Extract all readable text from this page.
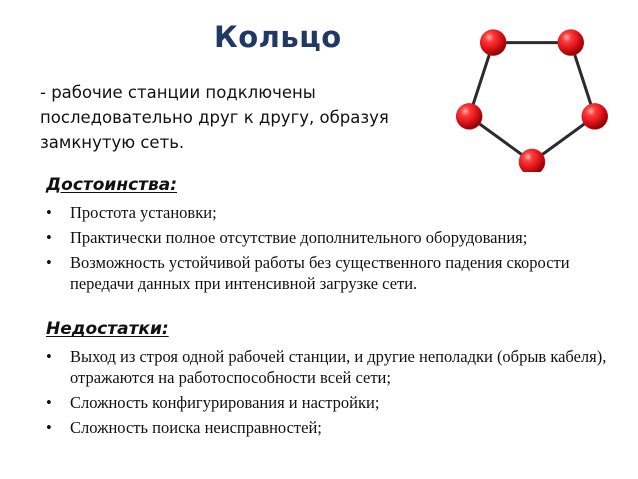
Кольцо
- рабочие станции подключены последовательно друг к другу, образуя замкнутую сеть.
Достоинства:
• Простота установки;
• Практически полное отсутствие дополнительного оборудования;
• Возможность устойчивой работы без существенного падения скорости передачи данных при интенсивной загрузке сети.
Недостатки:
• Выход из строя одной рабочей станции, и другие неполадки (обрыв кабеля), отражаются на работоспособности всей сети;
• Сложность конфигурирования и настройки;
• Сложность поиска неисправностей;
